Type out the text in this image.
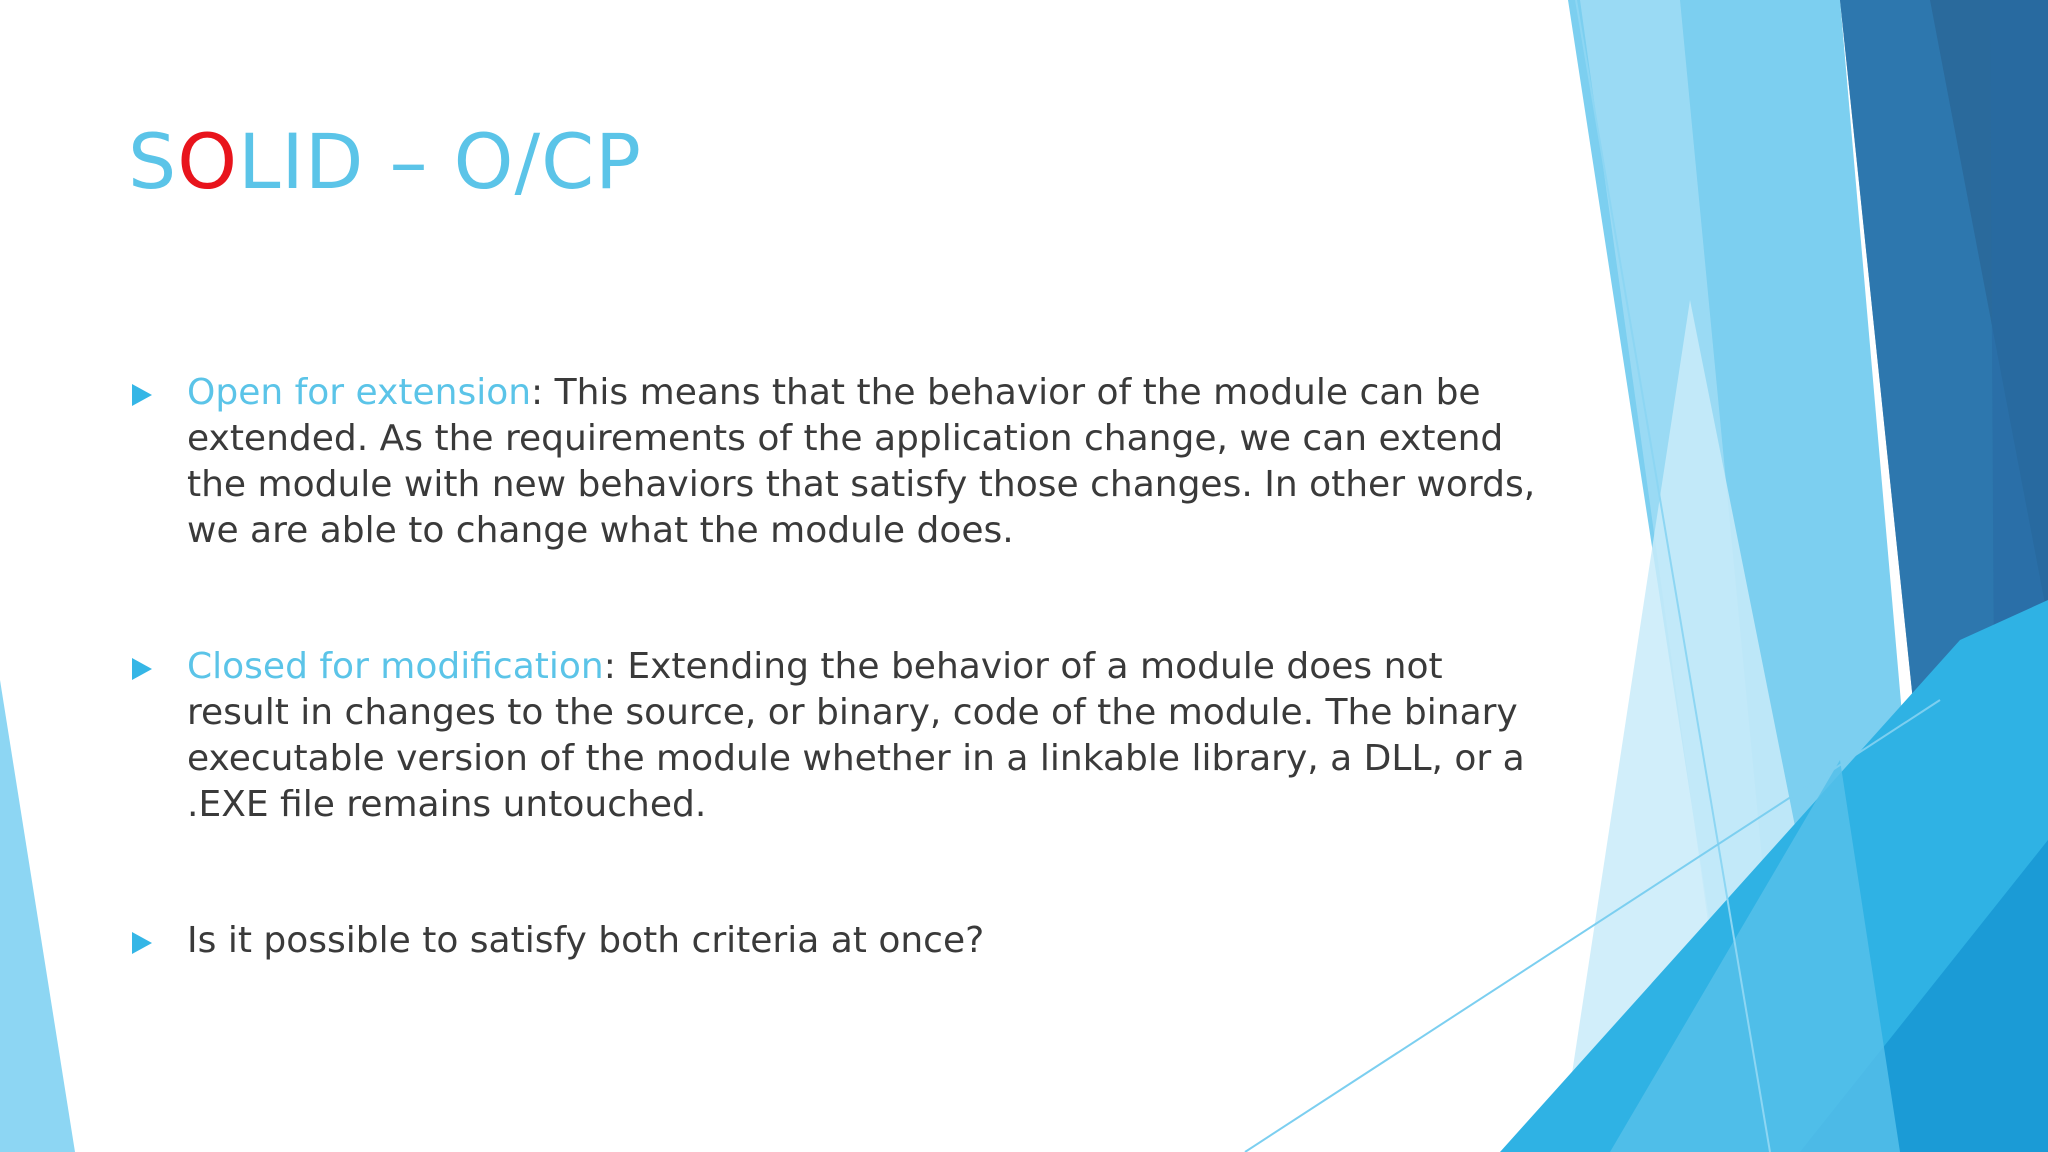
SOLID – O/CP
Open for extension: This means that the behavior of the module can be extended. As the requirements of the application change, we can extend the module with new behaviors that satisfy those changes. In other words, we are able to change what the module does.
Closed for modification: Extending the behavior of a module does not result in changes to the source, or binary, code of the module. The binary executable version of the module whether in a linkable library, a DLL, or a .EXE file remains untouched.
Is it possible to satisfy both criteria at once?
